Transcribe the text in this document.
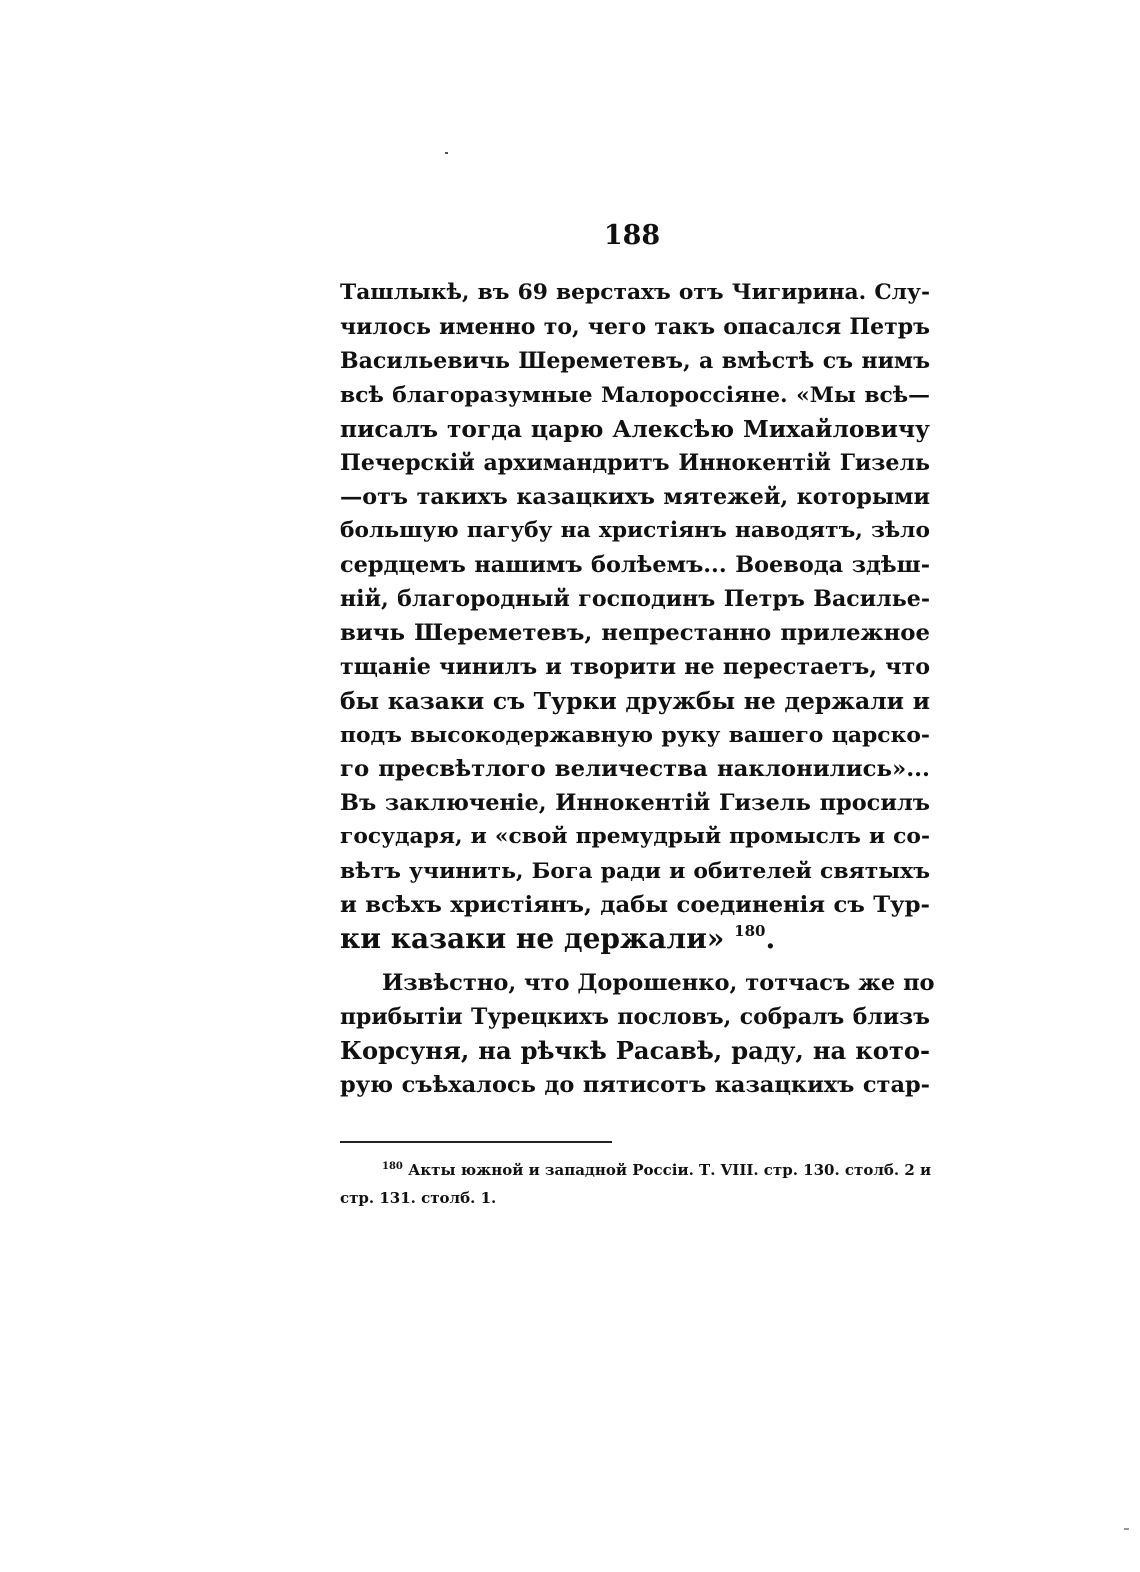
188
Ташлыкѣ, въ 69 верстахъ отъ Чигирина. Слу-
чилось именно то, чего такъ опасался Петръ
Васильевичь Шереметевъ, а вмѣстѣ съ нимъ
всѣ благоразумные Малороссіяне. «Мы всѣ—
писалъ тогда царю Алексѣю Михайловичу
Печерскій архимандритъ Иннокентій Гизель
—отъ такихъ казацкихъ мятежей, которыми
большую пагубу на христіянъ наводятъ, зѣло
сердцемъ нашимъ болѣемъ... Воевода здѣш-
ній, благородный господинъ Петръ Василье-
вичь Шереметевъ, непрестанно прилежное
тщаніе чинилъ и творити не перестаетъ, что
бы казаки съ Турки дружбы не держали и
подъ высокодержавную руку вашего царско-
го пресвѣтлого величества наклонились»...
Въ заключеніе, Иннокентій Гизель просилъ
государя, и «свой премудрый промыслъ и со-
вѣтъ учинить, Бога ради и обителей святыхъ
и всѣхъ христіянъ, дабы соединенія съ Тур-
ки казаки не держали» $^{180}$.
Извѣстно, что Дорошенко, тотчасъ же по
прибытіи Турецкихъ пословъ, собралъ близъ
Корсуня, на рѣчкѣ Расавѣ, раду, на кото-
рую съѣхалось до пятисотъ казацкихъ стар-
$^{180}$ Акты южной и западной Россіи. Т. VIII. стр. 130. столб. 2 и
стр. 131. столб. 1.
